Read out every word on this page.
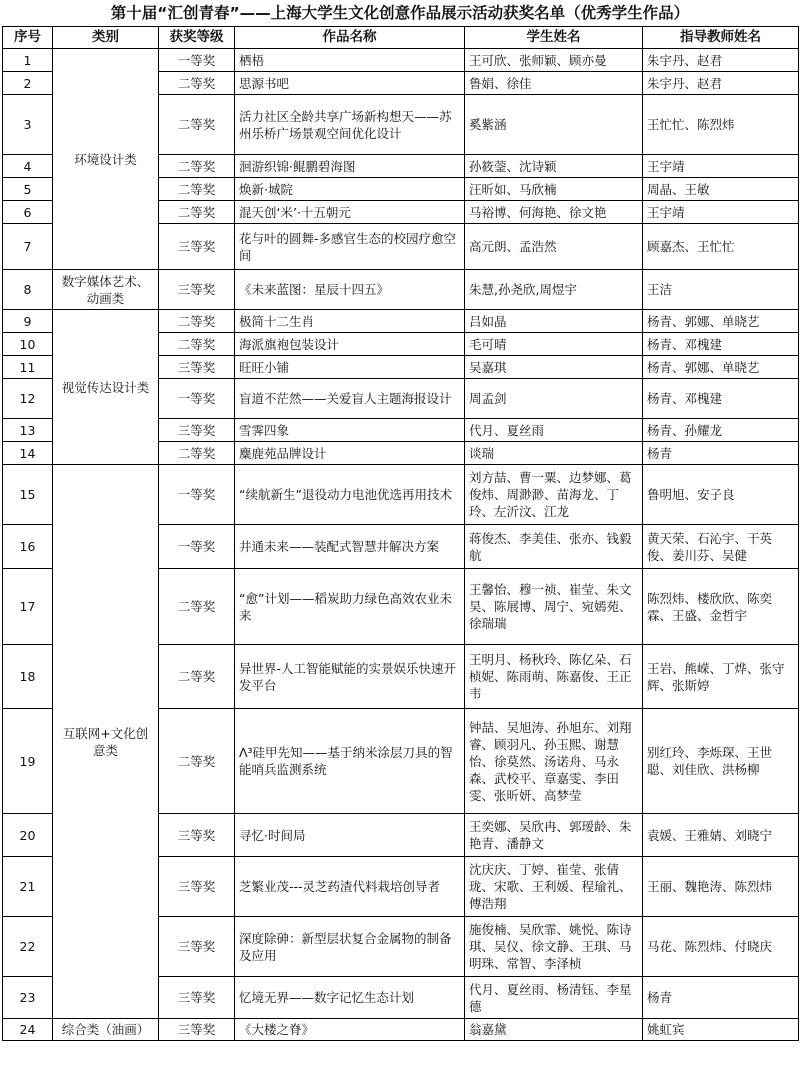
第十届“汇创青春”——上海大学生文化创意作品展示活动获奖名单（优秀学生作品）
序号	类别	获奖等级	作品名称	学生姓名	指导教师姓名
1	环境设计类	一等奖	栖梧	王可欣、张师颖、顾亦曼	朱宇丹、赵君
2		二等奖	思源书吧	鲁娟、徐佳	朱宇丹、赵君
3		二等奖	活力社区全龄共享广场新构想天——苏州乐桥广场景观空间优化设计	奚紫涵	王忙忙、陈烈炜
4		二等奖	洄游织锦·鲲鹏碧海图	孙筱蓥、沈诗颖	王宇靖
5		二等奖	焕新·城院	汪昕如、马欣楠	周晶、王敏
6		二等奖	混天创‘米’·十五朝元	马裕博、何海艳、徐文艳	王宇靖
7		三等奖	花与叶的圆舞-多感官生态的校园疗愈空间	高元朗、孟浩然	顾嘉杰、王忙忙
8	数字媒体艺术、动画类	三等奖	《未来蓝图：星辰十四五》	朱慧,孙尧欣,周煜宇	王洁
9	视觉传达设计类	二等奖	极简十二生肖	吕如晶	杨青、郭娜、单晓艺
10		二等奖	海派旗袍包装设计	毛可晴	杨青、邓槐建
11		三等奖	旺旺小铺	吴嘉琪	杨青、郭娜、单晓艺
12		一等奖	盲道不茫然——关爱盲人主题海报设计	周孟剑	杨青、邓槐建
13		三等奖	雪霁四象	代月、夏丝雨	杨青、孙耀龙
14		二等奖	麋鹿苑品牌设计	谈瑞	杨青
15	互联网+文化创意类	一等奖	“续航新生”退役动力电池优选再用技术	刘方喆、曹一粟、边梦娜、葛俊炜、周渺渺、苗海龙、丁玲、左沂汶、江龙	鲁明旭、安子良
16		一等奖	井通未来——装配式智慧井解决方案	蒋俊杰、李美佳、张亦、钱毅航	黄天荣、石沁宇、干英俊、姜川芬、吴健
17		二等奖	“愈”计划——稻炭助力绿色高效农业未来	王馨怡、穆一祯、崔莹、朱文昊、陈展博、周宁、宛嫣苑、徐瑞瑞	陈烈炜、楼欣欣、陈奕霖、王盛、金哲宇
18		二等奖	异世界-人工智能赋能的实景娱乐快速开发平台	王明月、杨秋玲、陈亿朵、石桢妮、陈雨萌、陈嘉俊、王正韦	王岩、熊嵘、丁烨、张守辉、张斯婷
19		二等奖	Λ³硅甲先知——基于纳米涂层刀具的智能哨兵监测系统	钟喆、吴旭涛、孙旭东、刘翔睿、顾羽凡、孙玉熙、谢慧怡、徐莫然、汤诺舟、马永森、武校平、章嘉雯、李田雯、张昕妍、高梦莹	别红玲、李烁琛、王世聪、刘佳欣、洪杨柳
20		三等奖	寻忆·时间局	王奕娜、吴欣冉、郭瑷龄、朱艳青、潘静文	袁媛、王雅婧、刘晓宁
21		三等奖	芝繁业茂---灵芝药渣代料栽培创导者	沈庆庆、丁婷、崔莹、张倩珑、宋歌、王利媛、程瑜礼、傅浩翔	王丽、魏艳涛、陈烈炜
22		三等奖	深度除砷：新型层状复合金属物的制备及应用	施俊楠、吴欣霏、姚悦、陈诗琪、吴仪、徐文静、王琪、马明珠、常智、李泽桢	马花、陈烈炜、付晓庆
23		三等奖	忆境无界——数字记忆生态计划	代月、夏丝雨、杨清钰、李星德	杨青
24	综合类（油画）	三等奖	《大楼之脊》	翁嘉黛	姚虹宾
